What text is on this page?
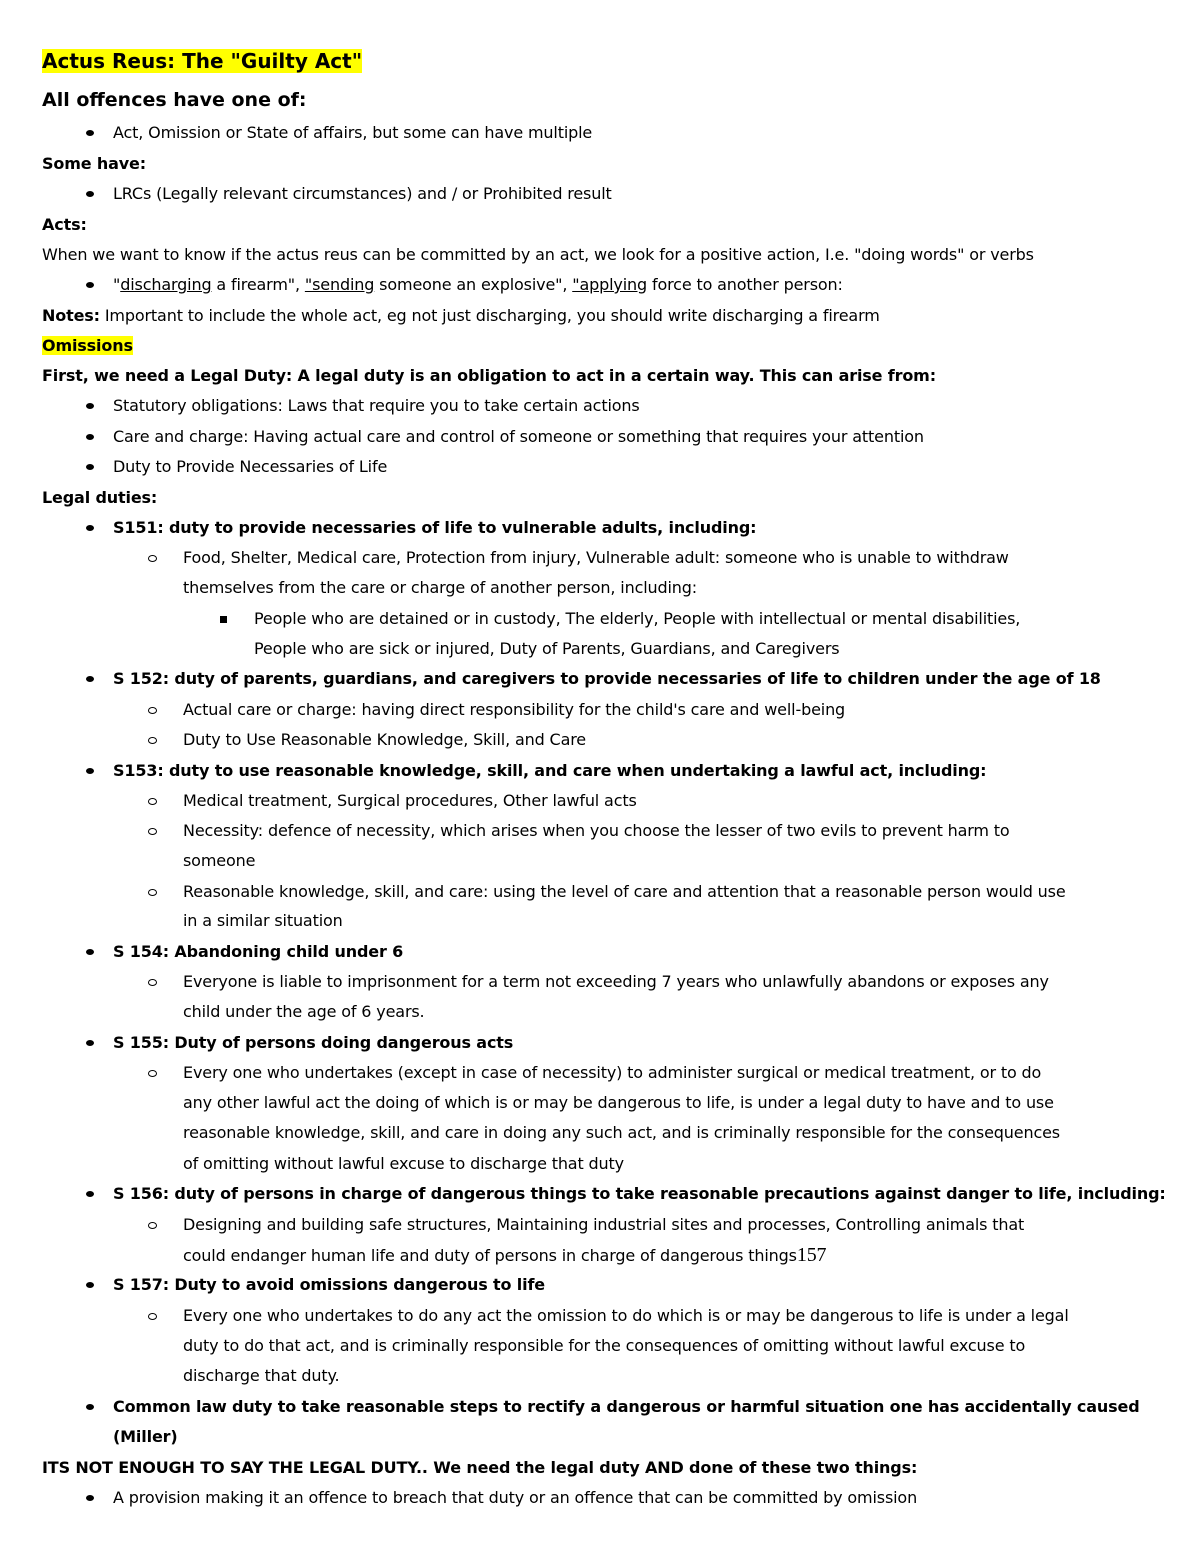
Actus Reus: The "Guilty Act"
All offences have one of:
Act, Omission or State of affairs, but some can have multiple
Some have:
LRCs (Legally relevant circumstances) and / or Prohibited result
Acts:
When we want to know if the actus reus can be committed by an act, we look for a positive action, I.e. "doing words" or verbs
"discharging a firearm", "sending someone an explosive", "applying force to another person:
Notes: Important to include the whole act, eg not just discharging, you should write discharging a firearm
Omissions
First, we need a Legal Duty: A legal duty is an obligation to act in a certain way. This can arise from:
Statutory obligations: Laws that require you to take certain actions
Care and charge: Having actual care and control of someone or something that requires your attention
Duty to Provide Necessaries of Life
Legal duties:
S151: duty to provide necessaries of life to vulnerable adults, including:
Food, Shelter, Medical care, Protection from injury, Vulnerable adult: someone who is unable to withdraw
themselves from the care or charge of another person, including:
People who are detained or in custody, The elderly, People with intellectual or mental disabilities,
People who are sick or injured, Duty of Parents, Guardians, and Caregivers
S 152: duty of parents, guardians, and caregivers to provide necessaries of life to children under the age of 18
Actual care or charge: having direct responsibility for the child's care and well-being
Duty to Use Reasonable Knowledge, Skill, and Care
S153: duty to use reasonable knowledge, skill, and care when undertaking a lawful act, including:
Medical treatment, Surgical procedures, Other lawful acts
Necessity: defence of necessity, which arises when you choose the lesser of two evils to prevent harm to
someone
Reasonable knowledge, skill, and care: using the level of care and attention that a reasonable person would use
in a similar situation
S 154: Abandoning child under 6
Everyone is liable to imprisonment for a term not exceeding 7 years who unlawfully abandons or exposes any
child under the age of 6 years.
S 155: Duty of persons doing dangerous acts
Every one who undertakes (except in case of necessity) to administer surgical or medical treatment, or to do
any other lawful act the doing of which is or may be dangerous to life, is under a legal duty to have and to use
reasonable knowledge, skill, and care in doing any such act, and is criminally responsible for the consequences
of omitting without lawful excuse to discharge that duty
S 156: duty of persons in charge of dangerous things to take reasonable precautions against danger to life, including:
Designing and building safe structures, Maintaining industrial sites and processes, Controlling animals that
could endanger human life and duty of persons in charge of dangerous things157
S 157: Duty to avoid omissions dangerous to life
Every one who undertakes to do any act the omission to do which is or may be dangerous to life is under a legal
duty to do that act, and is criminally responsible for the consequences of omitting without lawful excuse to
discharge that duty.
Common law duty to take reasonable steps to rectify a dangerous or harmful situation one has accidentally caused
(Miller)
ITS NOT ENOUGH TO SAY THE LEGAL DUTY.. We need the legal duty AND done of these two things:
A provision making it an offence to breach that duty or an offence that can be committed by omission
